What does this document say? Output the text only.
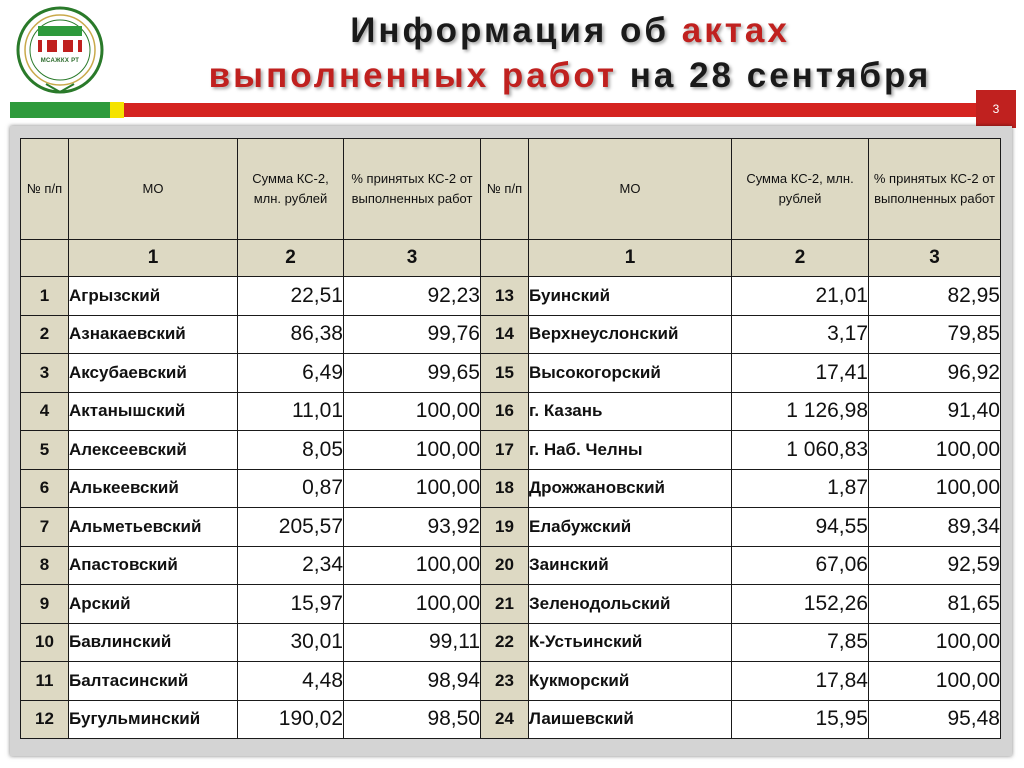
МСАЖКХ РТ
Информация об актах
выполненных работ на 28 сентября
3
№ п/п	МО	Сумма КС-2, млн. рублей	% принятых КС-2 от выполненных работ	№ п/п	МО	Сумма КС-2, млн. рублей	% принятых КС-2 от выполненных работ
	1	2	3		1	2	3
1	Агрызский	22,51	92,23	13	Буинский	21,01	82,95
2	Азнакаевский	86,38	99,76	14	Верхнеуслонский	3,17	79,85
3	Аксубаевский	6,49	99,65	15	Высокогорский	17,41	96,92
4	Актанышский	11,01	100,00	16	г. Казань	1 126,98	91,40
5	Алексеевский	8,05	100,00	17	г. Наб. Челны	1 060,83	100,00
6	Алькеевский	0,87	100,00	18	Дрожжановский	1,87	100,00
7	Альметьевский	205,57	93,92	19	Елабужский	94,55	89,34
8	Апастовский	2,34	100,00	20	Заинский	67,06	92,59
9	Арский	15,97	100,00	21	Зеленодольский	152,26	81,65
10	Бавлинский	30,01	99,11	22	К-Устьинский	7,85	100,00
11	Балтасинский	4,48	98,94	23	Кукморский	17,84	100,00
12	Бугульминский	190,02	98,50	24	Лаишевский	15,95	95,48
